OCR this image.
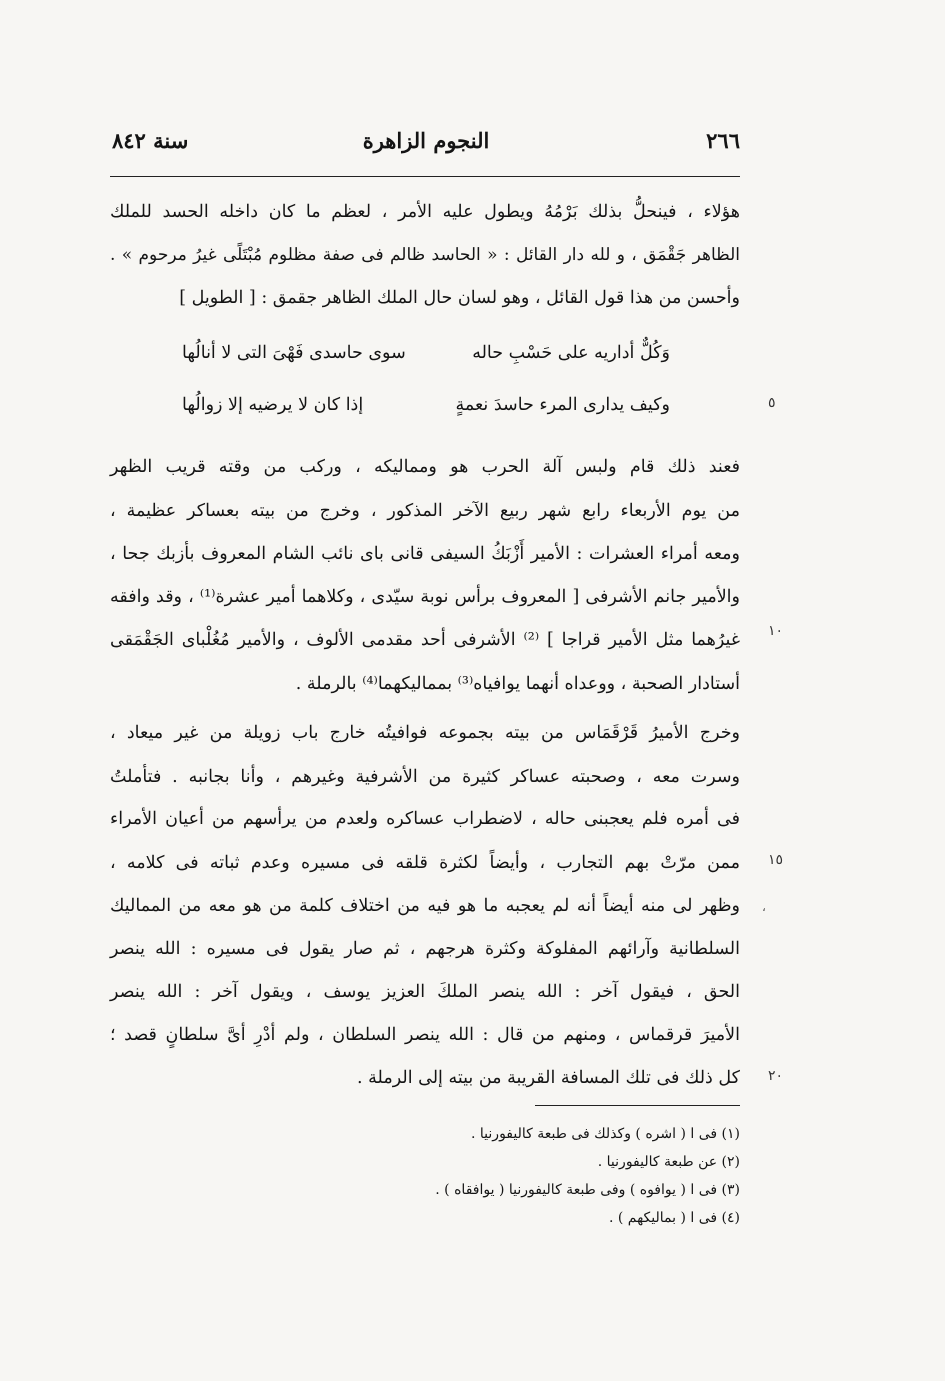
٢٦٦
النجوم الزاهرة
سنة ٨٤٢
هؤلاء ، فينحلُّ بذلك بَرْمُهُ ويطول عليه الأمر ، لعظم ما كان داخله الحسد للملك
الظاهر جَقْمَق ، و لله دار القائل : « الحاسد ظالم فى صفة مظلوم مُبْتَلًى غيرُ مرحوم » .
وأحسن من هذا قول القائل ، وهو لسان حال الملك الظاهر جقمق : [ الطويل ]
وَكُلٌّ أداريه على حَسْبِ حاله
سوى حاسدى فَهْىَ التى لا أنالُها
وكيف يدارى المرء حاسدَ نعمةٍ
إذا كان لا يرضيه إلا زوالُها
فعند ذلك قام ولبس آلة الحرب هو ومماليكه ، وركب من وقته قريب الظهر
من يوم الأربعاء رابع شهر ربيع الآخر المذكور ، وخرج من بيته بعساكر عظيمة ،
ومعه أمراء العشرات : الأمير أَزْبَكُ السيفى قانى باى نائب الشام المعروف بأزبك جحا ،
والأمير جانم الأشرفى [ المعروف برأس نوبة سيّدى ، وكلاهما أمير عشرة⁽¹⁾ ، وقد وافقه
غيرُهما مثل الأمير قراجا ] ⁽²⁾ الأشرفى أحد مقدمى الألوف ، والأمير مُغُلْباى الجَقْمَقى
أستادار الصحبة ، ووعداه أنهما يوافياه⁽³⁾ بمماليكهما⁽⁴⁾ بالرملة .
وخرج الأميرُ قَرْقَمَاس من بيته بجموعه فوافيتُه خارج باب زويلة من غير ميعاد ،
وسرت معه ، وصحبته عساكر كثيرة من الأشرفية وغيرهم ، وأنا بجانبه . فتأملتُ
فى أمره فلم يعجبنى حاله ، لاضطراب عساكره ولعدم من يرأسهم من أعيان الأمراء
ممن مرّتْ بهم التجارب ، وأيضاً لكثرة قلقه فى مسيره وعدم ثباته فى كلامه ،
وظهر لى منه أيضاً أنه لم يعجبه ما هو فيه من اختلاف كلمة من هو معه من المماليك
السلطانية وآرائهم المفلوكة وكثرة هرجهم ، ثم صار يقول فى مسيره : الله ينصر
الحق ، فيقول آخر : الله ينصر الملكَ العزيز يوسف ، ويقول آخر : الله ينصر
الأميرَ قرقماس ، ومنهم من قال : الله ينصر السلطان ، ولم أدْرِ أىَّ سلطانٍ قصد ؛
كل ذلك فى تلك المسافة القريبة من بيته إلى الرملة .
٥
١٠
١٥
٢٠
،
(١) فى ا ( اشره ) وكذلك فى طبعة كاليفورنيا .
(٢) عن طبعة كاليفورنيا .
(٣) فى ا ( يوافوه ) وفى طبعة كاليفورنيا ( يوافقاه ) .
(٤) فى ا ( بماليكهم ) .
